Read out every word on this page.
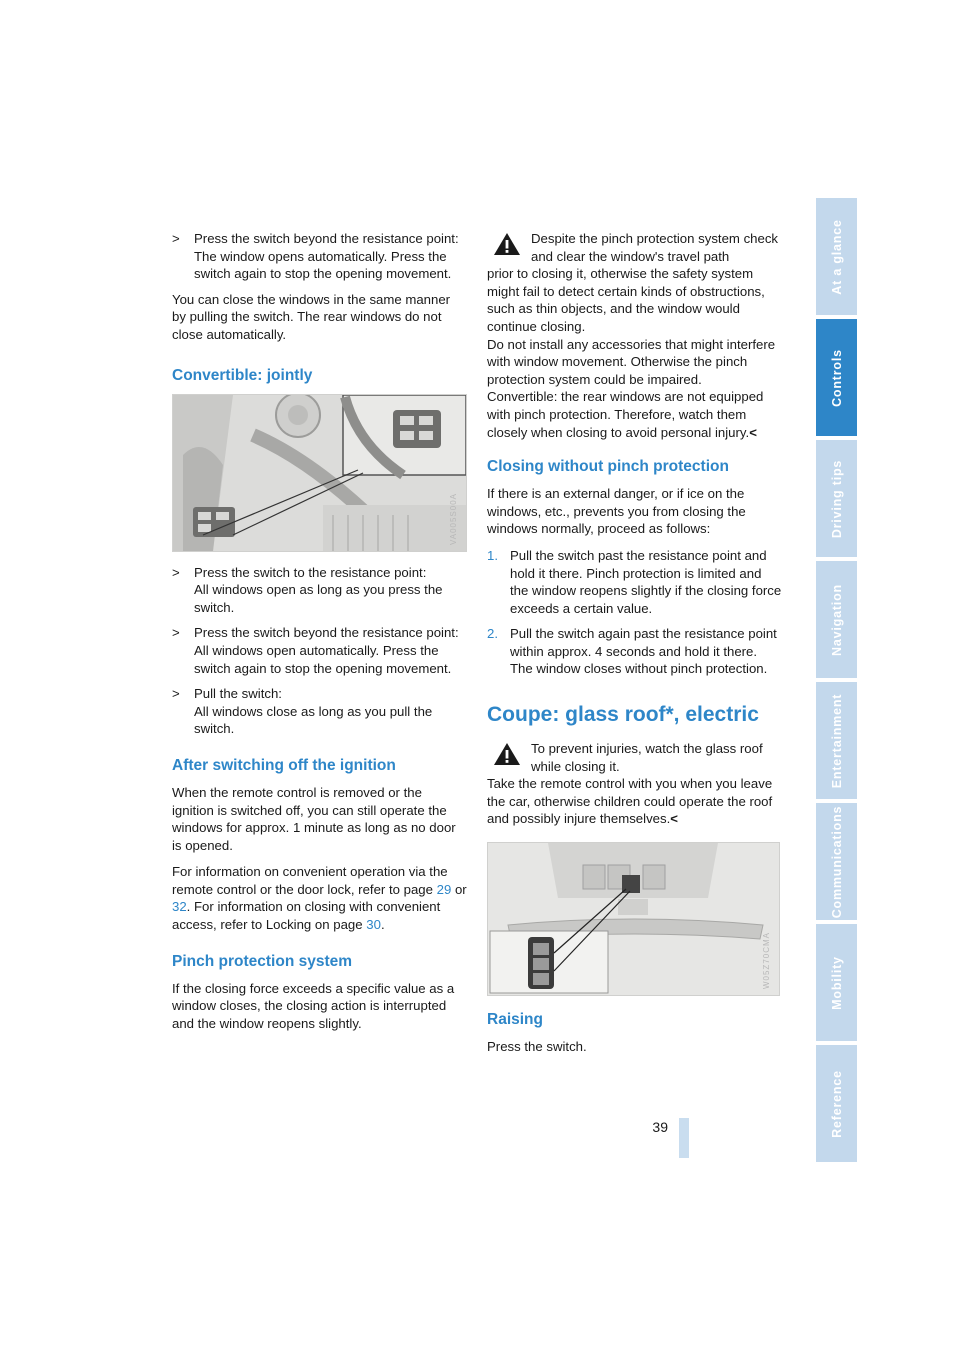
>	Press the switch beyond the resistance point:
The window opens automatically. Press the switch again to stop the opening movement.

You can close the windows in the same manner by pulling the switch. The rear windows do not close automatically.

Convertible: jointly
VA005S00A
>	Press the switch to the resistance point:
All windows open as long as you press the switch.
>	Press the switch beyond the resistance point:
All windows open automatically. Press the switch again to stop the opening movement.
>	Pull the switch:
All windows close as long as you pull the switch.
After switching off the ignition

When the remote control is removed or the ignition is switched off, you can still operate the windows for approx. 1 minute as long as no door is opened.

For information on convenient operation via the remote control or the door lock, refer to page 29 or 32. For information on closing with convenient access, refer to Locking on page 30.

Pinch protection system

If the closing force exceeds a specific value as a window closes, the closing action is interrupted and the window reopens slightly.

Despite the pinch protection system check and clear the window's travel path
prior to closing it, otherwise the safety system might fail to detect certain kinds of obstructions, such as thin objects, and the window would continue closing.
Do not install any accessories that might interfere with window movement. Otherwise the pinch protection system could be impaired.
Convertible: the rear windows are not equipped with pinch protection. Therefore, watch them closely when closing to avoid personal injury.<
Closing without pinch protection

If there is an external danger, or if ice on the windows, etc., prevents you from closing the windows normally, proceed as follows:

1. Pull the switch past the resistance point and hold it there. Pinch protection is limited and the window reopens slightly if the closing force exceeds a certain value.
2. Pull the switch again past the resistance point within approx. 4 seconds and hold it there. The window closes without pinch protection.
Coupe: glass roof*, electric
To prevent injuries, watch the glass roof while closing it.
Take the remote control with you when you leave the car, otherwise children could operate the roof and possibly injure themselves.<
W05Z70CMA
Raising

Press the switch.

39
At a glance
Controls
Driving tips
Navigation
Entertainment
Communications
Mobility
Reference
